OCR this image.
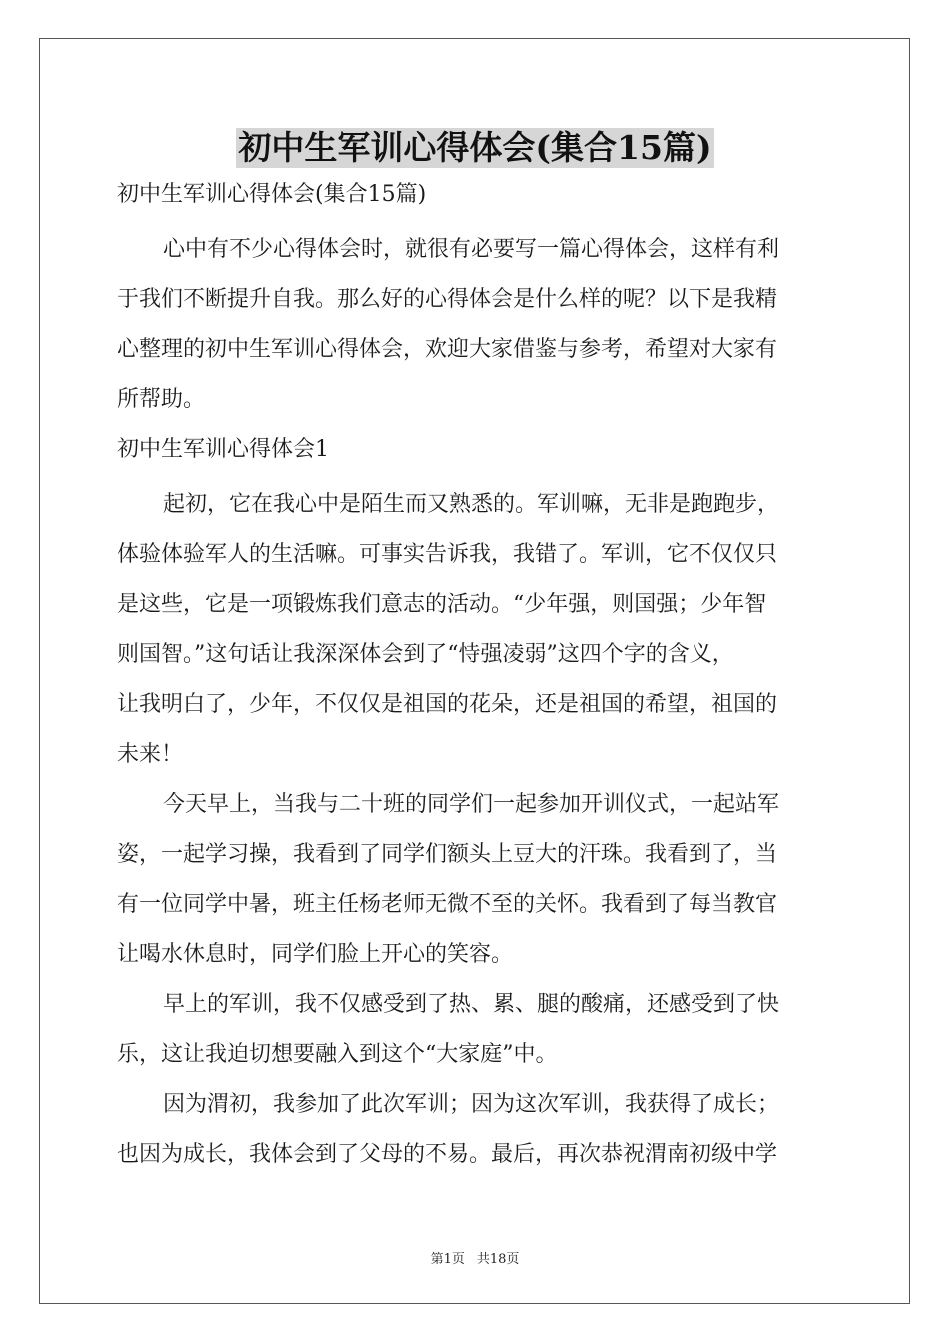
初中生军训心得体会(集合15篇)

初中生军训心得体会(集合15篇)

心中有不少心得体会时，就很有必要写一篇心得体会，这样有利

于我们不断提升自我。那么好的心得体会是什么样的呢？以下是我精

心整理的初中生军训心得体会，欢迎大家借鉴与参考，希望对大家有

所帮助。

初中生军训心得体会1

起初，它在我心中是陌生而又熟悉的。军训嘛，无非是跑跑步，

体验体验军人的生活嘛。可事实告诉我，我错了。军训，它不仅仅只

是这些，它是一项锻炼我们意志的活动。“少年强，则国强；少年智

则国智。”这句话让我深深体会到了“恃强凌弱”这四个字的含义，

让我明白了，少年，不仅仅是祖国的花朵，还是祖国的希望，祖国的

未来！

今天早上，当我与二十班的同学们一起参加开训仪式，一起站军

姿，一起学习操，我看到了同学们额头上豆大的汗珠。我看到了，当

有一位同学中暑，班主任杨老师无微不至的关怀。我看到了每当教官

让喝水休息时，同学们脸上开心的笑容。

早上的军训，我不仅感受到了热、累、腿的酸痛，还感受到了快

乐，这让我迫切想要融入到这个“大家庭”中。

因为渭初，我参加了此次军训；因为这次军训，我获得了成长；

也因为成长，我体会到了父母的不易。最后，再次恭祝渭南初级中学

第1页 共18页
